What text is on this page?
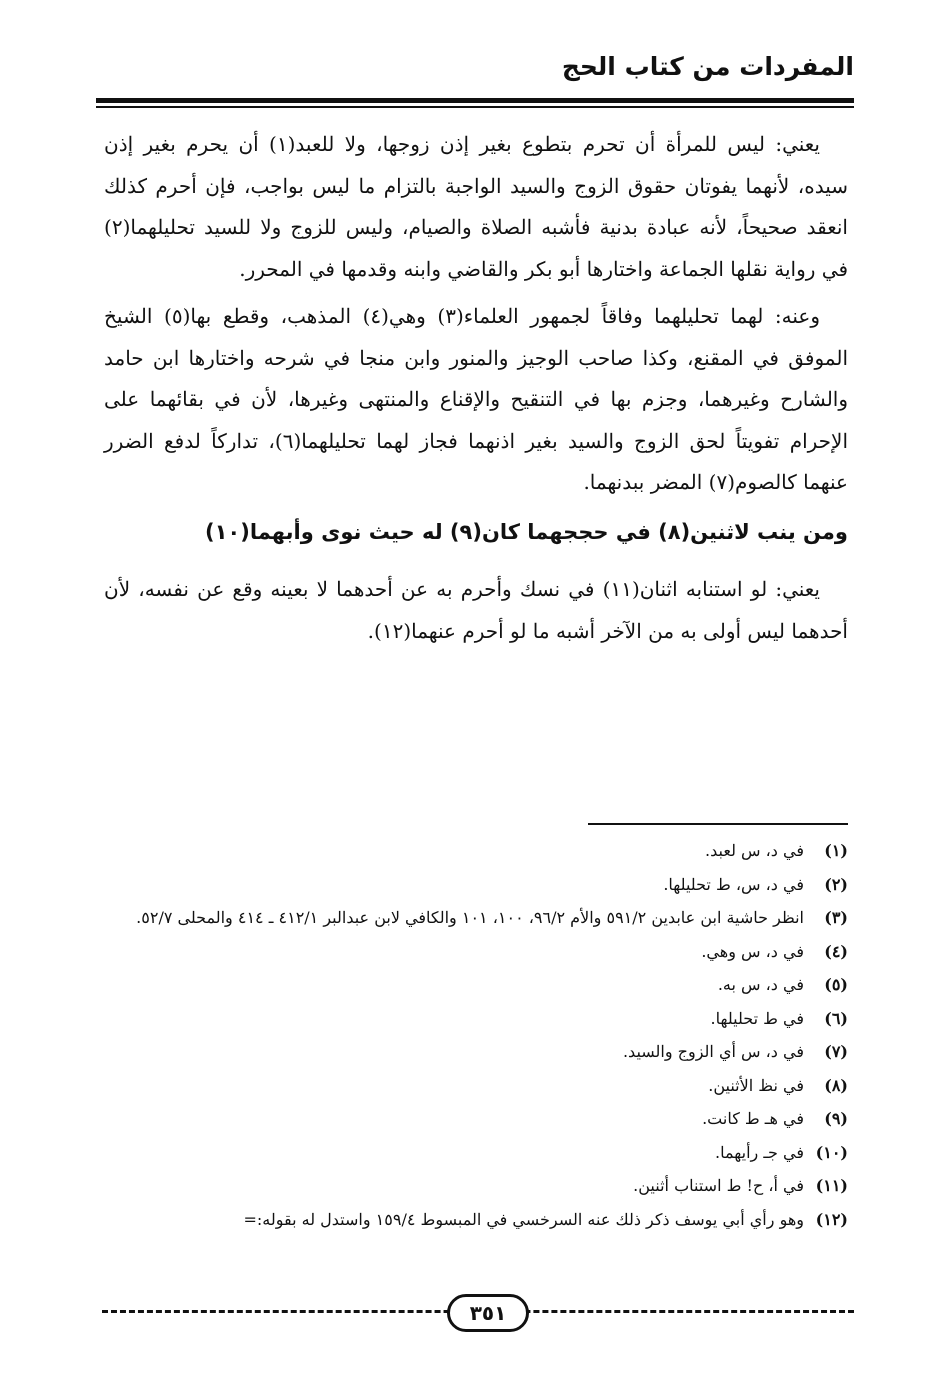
المفردات من كتاب الحج

يعني: ليس للمرأة أن تحرم بتطوع بغير إذن زوجها، ولا للعبد(١) أن يحرم بغير إذن سيده، لأنهما يفوتان حقوق الزوج والسيد الواجبة بالتزام ما ليس بواجب، فإن أحرم كذلك انعقد صحيحاً، لأنه عبادة بدنية فأشبه الصلاة والصيام، وليس للزوج ولا للسيد تحليلهما(٢) في رواية نقلها الجماعة واختارها أبو بكر والقاضي وابنه وقدمها في المحرر.

وعنه: لهما تحليلهما وفاقاً لجمهور العلماء(٣) وهي(٤) المذهب، وقطع بها(٥) الشيخ الموفق في المقنع، وكذا صاحب الوجيز والمنور وابن منجا في شرحه واختارها ابن حامد والشارح وغيرهما، وجزم بها في التنقيح والإقناع والمنتهى وغيرها، لأن في بقائهما على الإحرام تفويتاً لحق الزوج والسيد بغير اذنهما فجاز لهما تحليلهما(٦)، تداركاً لدفع الضرر عنهما كالصوم(٧) المضر ببدنهما.

ومن ينب لاثنين(٨) في حججهما كان(٩) له حيث نوى وأبهما(١٠)

يعني: لو استنابه اثنان(١١) في نسك وأحرم به عن أحدهما لا بعينه وقع عن نفسه، لأن أحدهما ليس أولى به من الآخر أشبه ما لو أحرم عنهما(١٢).

(١)
في د، س لعبد.
(٢)
في د، س، ط تحليلها.
(٣)
انظر حاشية ابن عابدين ٥٩١/٢ والأم ٩٦/٢، ١٠٠، ١٠١ والكافي لابن عبدالبر ٤١٢/١ ـ ٤١٤ والمحلى ٥٢/٧.
(٤)
في د، س وهي.
(٥)
في د، س به.
(٦)
في ط تحليلها.
(٧)
في د، س أي الزوج والسيد.
(٨)
في نظ الأثنين.
(٩)
في هـ ط كانت.
(١٠)
في جـ رأيهما.
(١١)
في أ، ح! ط استناب أثنين.
(١٢)
وهو رأي أبي يوسف ذكر ذلك عنه السرخسي في المبسوط ١٥٩/٤ واستدل له بقوله:=
٣٥١
